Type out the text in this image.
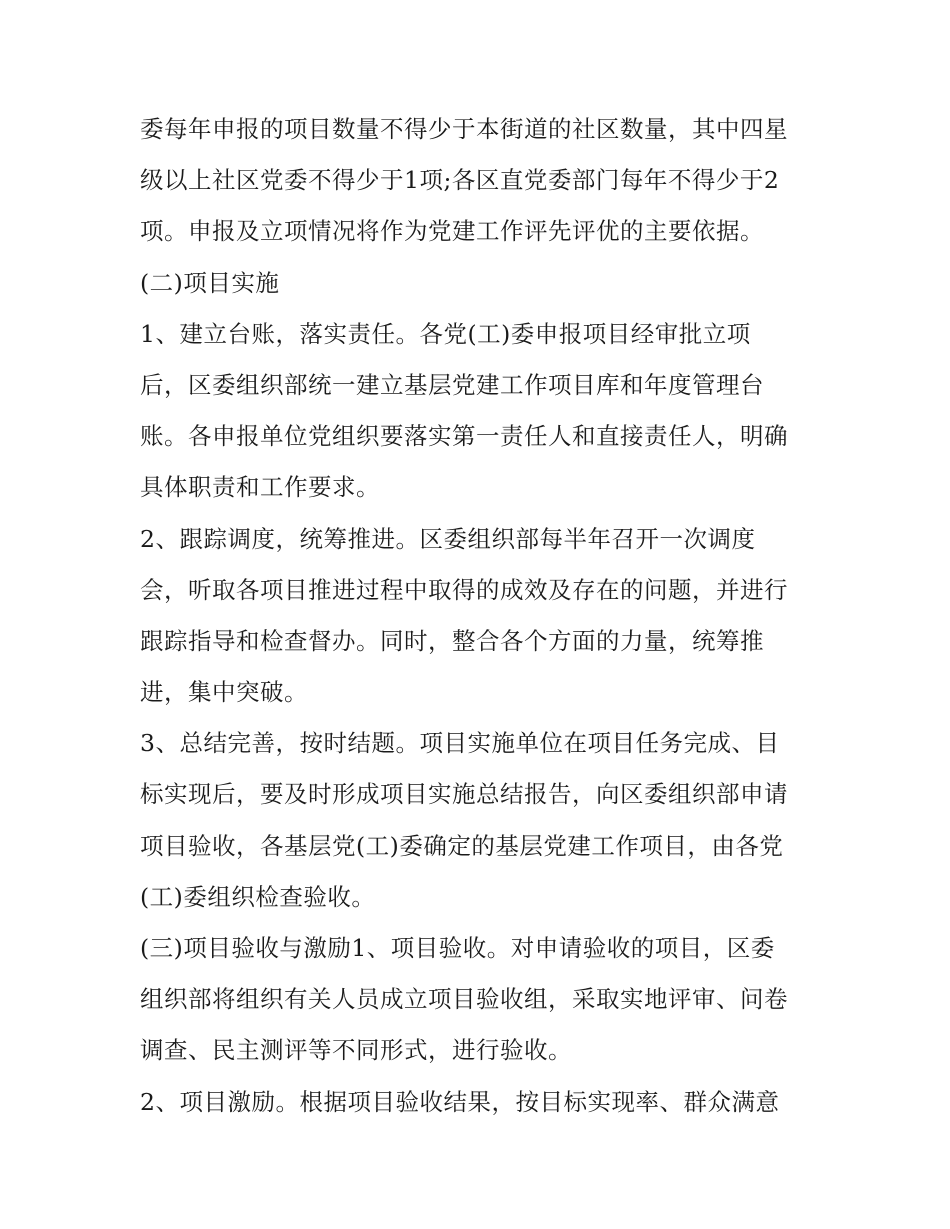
委每年申报的项目数量不得少于本街道的社区数量，其中四星
级以上社区党委不得少于1项;各区直党委部门每年不得少于2
项。申报及立项情况将作为党建工作评先评优的主要依据。

(二)项目实施

1、建立台账，落实责任。各党(工)委申报项目经审批立项
后，区委组织部统一建立基层党建工作项目库和年度管理台
账。各申报单位党组织要落实第一责任人和直接责任人，明确
具体职责和工作要求。

2、跟踪调度，统筹推进。区委组织部每半年召开一次调度
会，听取各项目推进过程中取得的成效及存在的问题，并进行
跟踪指导和检查督办。同时，整合各个方面的力量，统筹推
进，集中突破。

3、总结完善，按时结题。项目实施单位在项目任务完成、目
标实现后，要及时形成项目实施总结报告，向区委组织部申请
项目验收，各基层党(工)委确定的基层党建工作项目，由各党
(工)委组织检查验收。

(三)项目验收与激励1、项目验收。对申请验收的项目，区委
组织部将组织有关人员成立项目验收组，采取实地评审、问卷
调查、民主测评等不同形式，进行验收。

2、项目激励。根据项目验收结果，按目标实现率、群众满意
